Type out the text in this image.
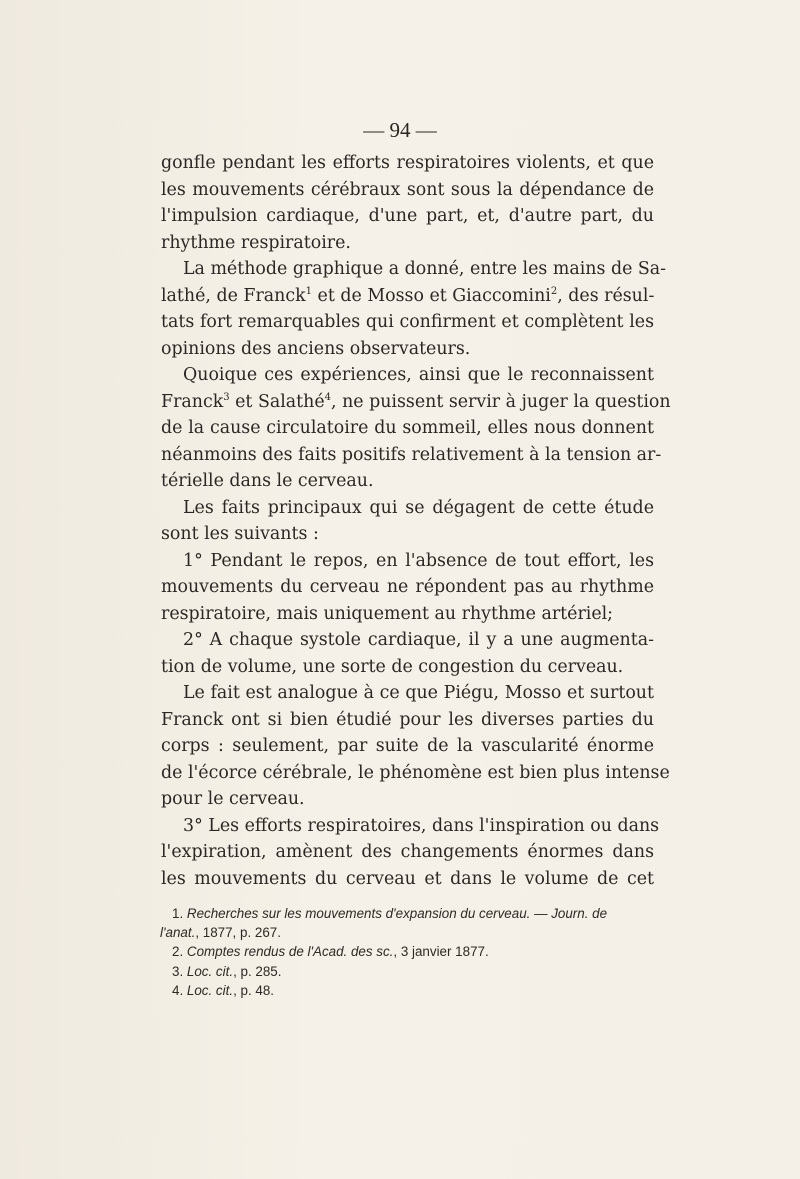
— 94 —
gonfle pendant les efforts respiratoires violents, et que
les mouvements cérébraux sont sous la dépendance de
l'impulsion cardiaque, d'une part, et, d'autre part, du
rhythme respiratoire.
La méthode graphique a donné, entre les mains de Sa-
lathé, de Franck$^1$ et de Mosso et Giaccomini$^2$, des résul-
tats fort remarquables qui confirment et complètent les
opinions des anciens observateurs.
Quoique ces expériences, ainsi que le reconnaissent
Franck$^3$ et Salathé$^4$, ne puissent servir à juger la question
de la cause circulatoire du sommeil, elles nous donnent
néanmoins des faits positifs relativement à la tension ar-
térielle dans le cerveau.
Les faits principaux qui se dégagent de cette étude
sont les suivants :
1° Pendant le repos, en l'absence de tout effort, les
mouvements du cerveau ne répondent pas au rhythme
respiratoire, mais uniquement au rhythme artériel;
2° A chaque systole cardiaque, il y a une augmenta-
tion de volume, une sorte de congestion du cerveau.
Le fait est analogue à ce que Piégu, Mosso et surtout
Franck ont si bien étudié pour les diverses parties du
corps : seulement, par suite de la vascularité énorme
de l'écorce cérébrale, le phénomène est bien plus intense
pour le cerveau.
3° Les efforts respiratoires, dans l'inspiration ou dans
l'expiration, amènent des changements énormes dans
les mouvements du cerveau et dans le volume de cet
1. Recherches sur les mouvements d'expansion du cerveau. — Journ. de
l'anat., 1877, p. 267.
2. Comptes rendus de l'Acad. des sc., 3 janvier 1877.
3. Loc. cit., p. 285.
4. Loc. cit., p. 48.
